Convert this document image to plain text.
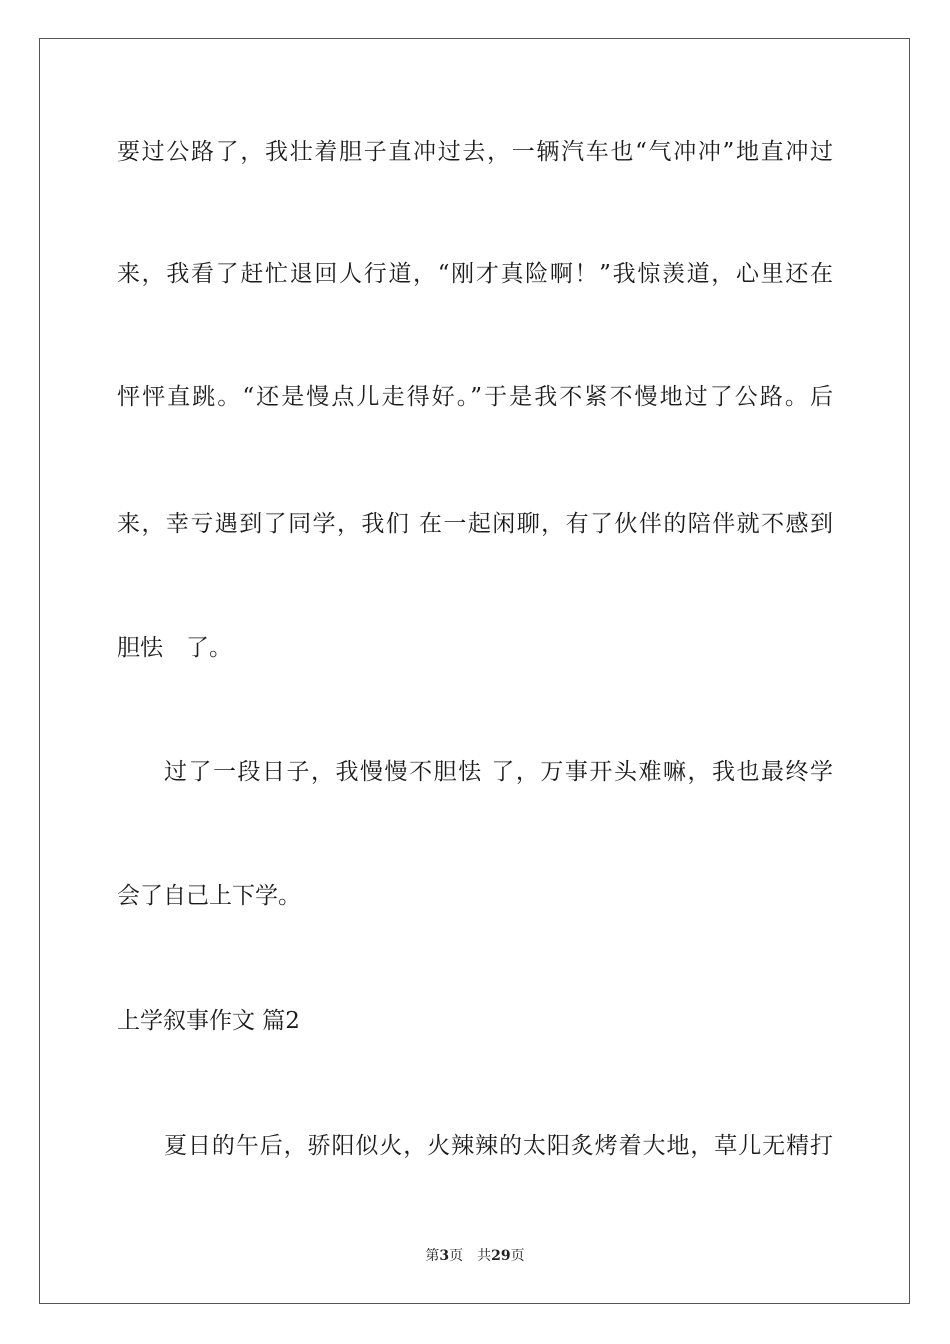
要过公路了，我壮着胆子直冲过去，一辆汽车也“气冲冲”地直冲过
来，我看了赶忙退回人行道，“刚才真险啊！”我惊羡道，心里还在
怦怦直跳。“还是慢点儿走得好。”于是我不紧不慢地过了公路。后
来，幸亏遇到了同学，我们 在一起闲聊，有了伙伴的陪伴就不感到
胆怯　了。
过了一段日子，我慢慢不胆怯 了，万事开头难嘛，我也最终学
会了自己上下学。
上学叙事作文 篇2
夏日的午后，骄阳似火，火辣辣的太阳炙烤着大地，草儿无精打
第3页 共29页
